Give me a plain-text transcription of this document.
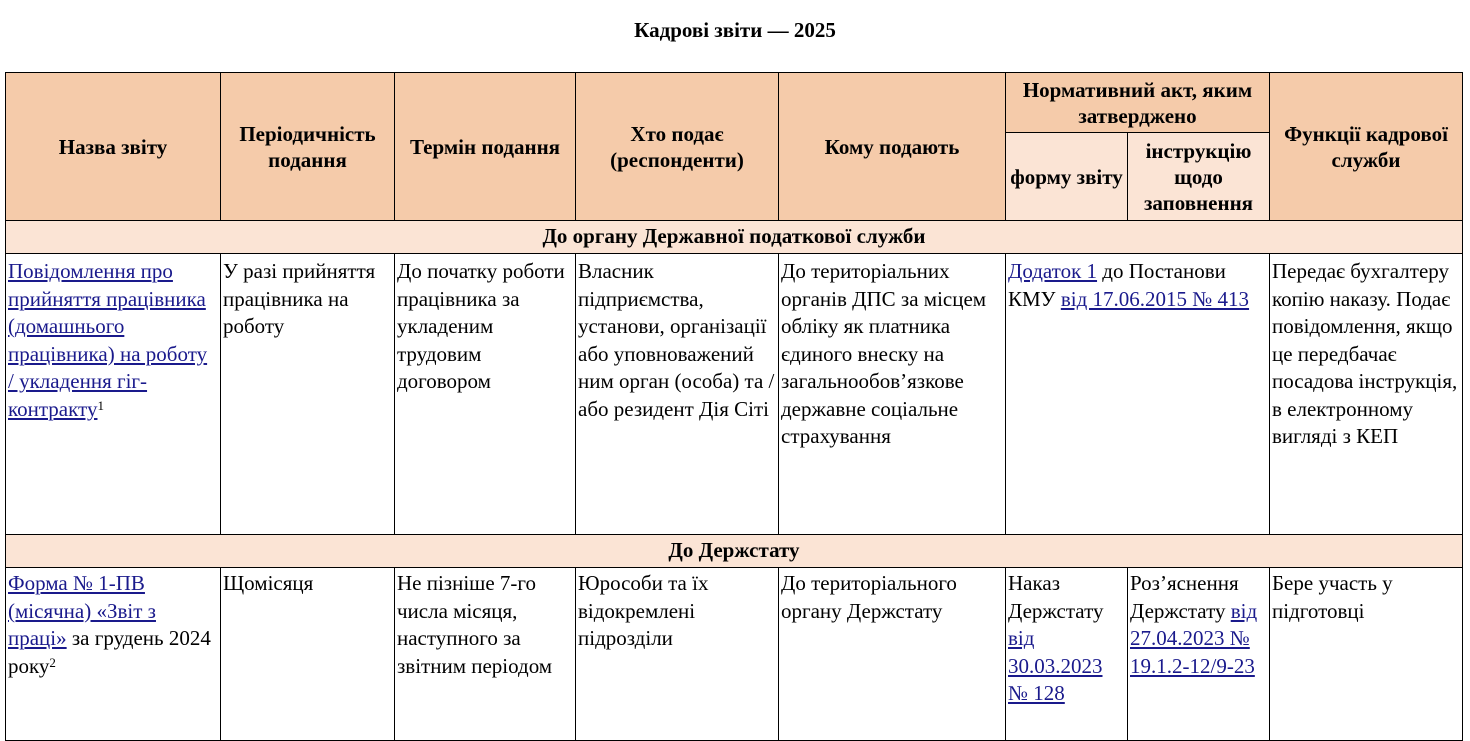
Кадрові звіти — 2025
Назва звіту	Періодичність подання	Термін подання	Хто подає (респонденти)	Кому подають	Нормативний акт, яким затверджено		Функції кадрової служби
					форму звіту	інструкцію щодо заповнення	
До органу Державної податкової служби							
Повідомлення про прийняття працівника (домашнього працівника) на роботу / укладення гіг-контракту$^1$	У разі прийняття працівника на роботу	До початку роботи працівника за укладеним трудовим договором	Власник підприємства, установи, організації або уповноважений ним орган (особа) та / або резидент Дія Сіті	До територіальних органів ДПС за місцем обліку як платника єдиного внеску на загальнообов’язкове державне соціальне страхування	Додаток 1 до Постанови КМУ від 17.06.2015 № 413		Передає бухгалтеру копію наказу. Подає повідомлення, якщо це передбачає посадова інструкція, в електронному вигляді з КЕП
До Держстату							
Форма № 1-ПВ (місячна) «Звіт з праці» за грудень 2024 року$^2$	Щомісяця	Не пізніше 7-го числа місяця, наступного за звітним періодом	Юрособи та їх відокремлені підрозділи	До територіального органу Держстату	Наказ Держстату від 30.03.2023 № 128	Роз’яснення Держстату від 27.04.2023 № 19.1.2-12/9-23	Бере участь у підготовці
